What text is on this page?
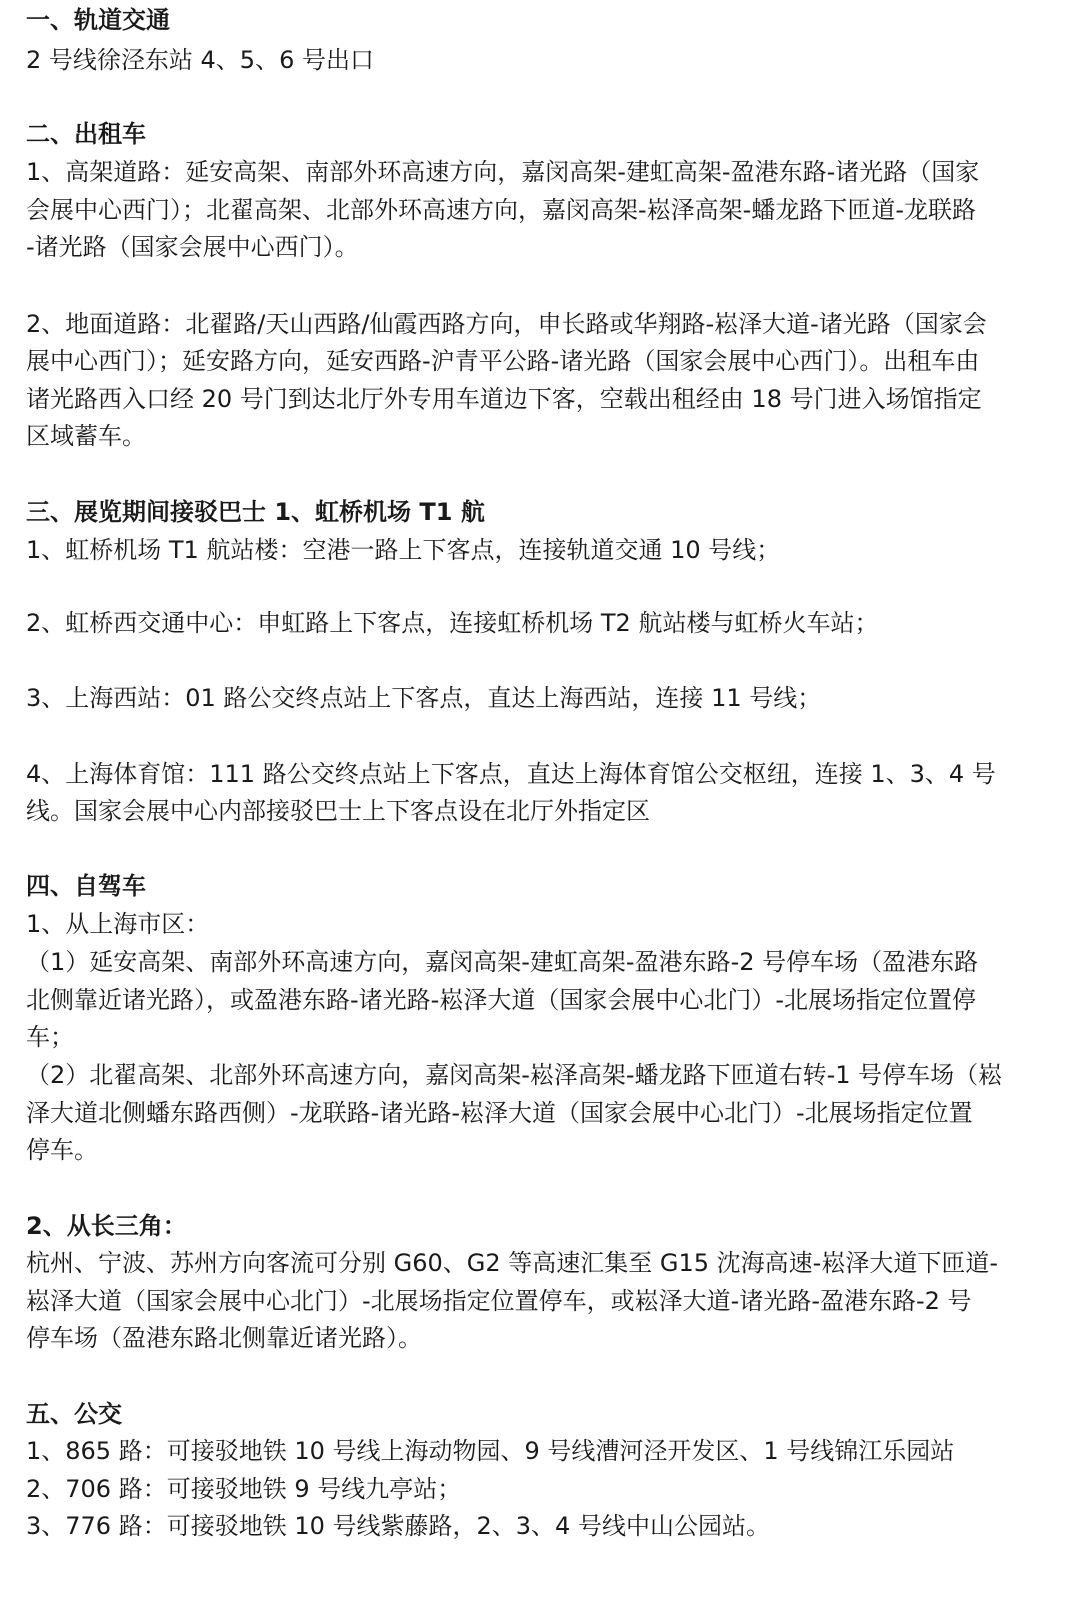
一、轨道交通
2 号线徐泾东站 4、5、6 号出口
二、出租车
1、高架道路：延安高架、南部外环高速方向，嘉闵高架-建虹高架-盈港东路-诸光路（国家
会展中心西门）；北翟高架、北部外环高速方向，嘉闵高架-崧泽高架-蟠龙路下匝道-龙联路
-诸光路（国家会展中心西门）。
2、地面道路：北翟路/天山西路/仙霞西路方向，申长路或华翔路-崧泽大道-诸光路（国家会
展中心西门）；延安路方向，延安西路-沪青平公路-诸光路（国家会展中心西门）。出租车由
诸光路西入口经 20 号门到达北厅外专用车道边下客，空载出租经由 18 号门进入场馆指定
区域蓄车。
三、展览期间接驳巴士 1、虹桥机场 T1 航
1、虹桥机场 T1 航站楼：空港一路上下客点，连接轨道交通 10 号线；
2、虹桥西交通中心：申虹路上下客点，连接虹桥机场 T2 航站楼与虹桥火车站；
3、上海西站：01 路公交终点站上下客点，直达上海西站，连接 11 号线；
4、上海体育馆：111 路公交终点站上下客点，直达上海体育馆公交枢纽，连接 1、3、4 号
线。国家会展中心内部接驳巴士上下客点设在北厅外指定区
四、自驾车
1、从上海市区：
（1）延安高架、南部外环高速方向，嘉闵高架-建虹高架-盈港东路-2 号停车场（盈港东路
北侧靠近诸光路），或盈港东路-诸光路-崧泽大道（国家会展中心北门）-北展场指定位置停
车；
（2）北翟高架、北部外环高速方向，嘉闵高架-崧泽高架-蟠龙路下匝道右转-1 号停车场（崧
泽大道北侧蟠东路西侧）-龙联路-诸光路-崧泽大道（国家会展中心北门）-北展场指定位置
停车。
2、从长三角：
杭州、宁波、苏州方向客流可分别 G60、G2 等高速汇集至 G15 沈海高速-崧泽大道下匝道-
崧泽大道（国家会展中心北门）-北展场指定位置停车，或崧泽大道-诸光路-盈港东路-2 号
停车场（盈港东路北侧靠近诸光路）。
五、公交
1、865 路：可接驳地铁 10 号线上海动物园、9 号线漕河泾开发区、1 号线锦江乐园站
2、706 路：可接驳地铁 9 号线九亭站；
3、776 路：可接驳地铁 10 号线紫藤路，2、3、4 号线中山公园站。
